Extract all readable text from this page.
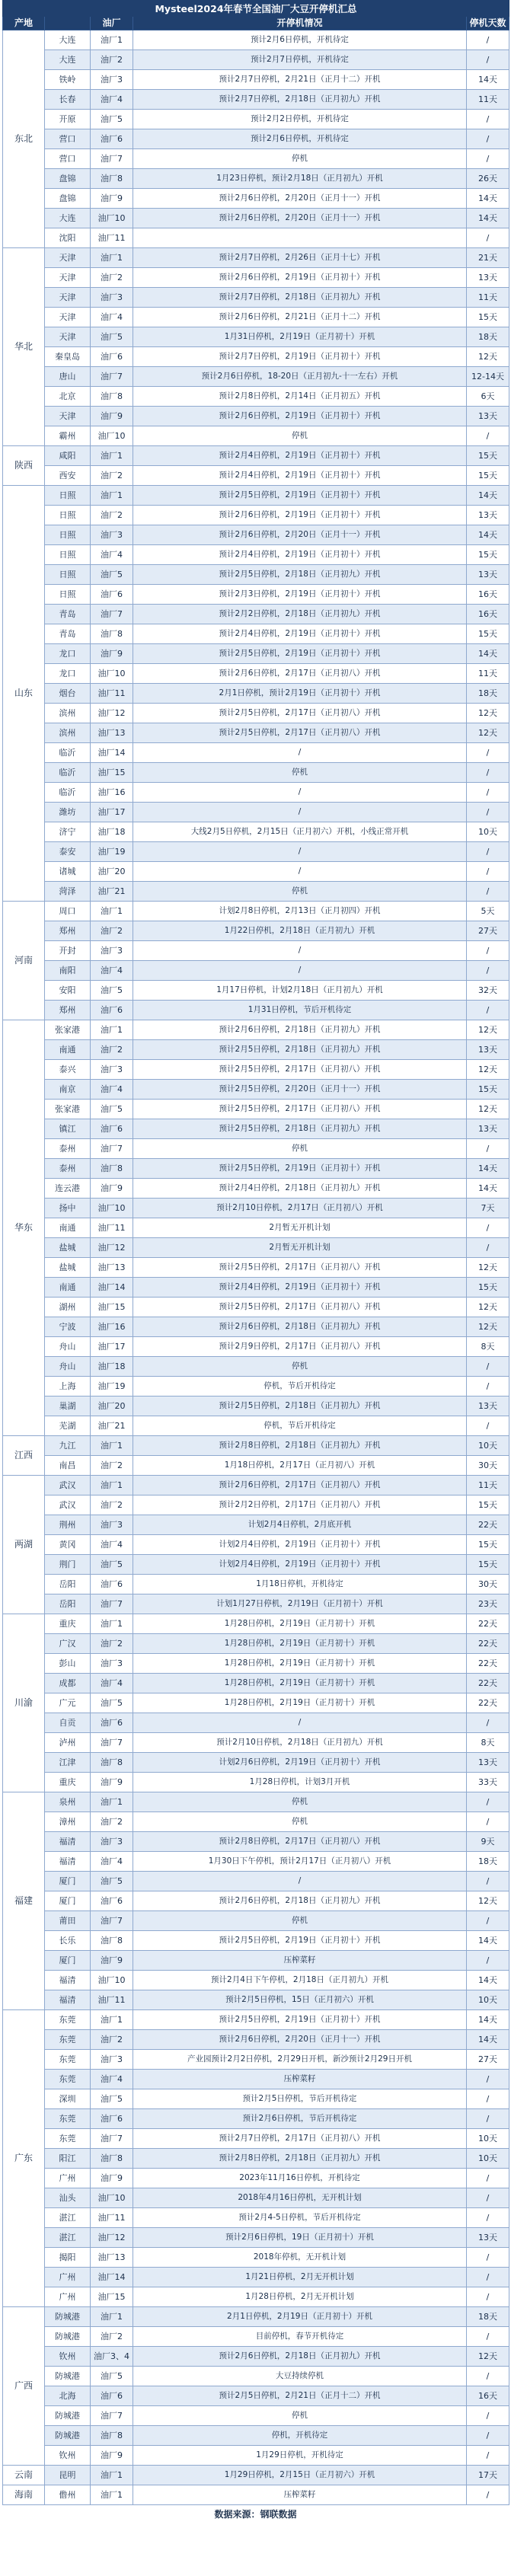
Mysteel2024年春节全国油厂大豆开停机汇总				
产地		油厂	开停机情况	停机天数
东北	大连	油厂1	预计2月6日停机，开机待定	/
	大连	油厂2	预计2月7日停机，开机待定	/
	铁岭	油厂3	预计2月7日停机，2月21日（正月十二）开机	14天
	长春	油厂4	预计2月7日停机，2月18日（正月初九）开机	11天
	开原	油厂5	预计2月2日停机，开机待定	/
	营口	油厂6	预计2月6日停机，开机待定	/
	营口	油厂7	停机	/
	盘锦	油厂8	1月23日停机，预计2月18日（正月初九）开机	26天
	盘锦	油厂9	预计2月6日停机，2月20日（正月十一）开机	14天
	大连	油厂10	预计2月6日停机，2月20日（正月十一）开机	14天
	沈阳	油厂11		/
华北	天津	油厂1	预计2月7日停机，2月26日（正月十七）开机	21天
	天津	油厂2	预计2月6日停机，2月19日（正月初十）开机	13天
	天津	油厂3	预计2月7日停机，2月18日（正月初九）开机	11天
	天津	油厂4	预计2月6日停机，2月21日（正月十二）开机	15天
	天津	油厂5	1月31日停机，2月19日（正月初十）开机	18天
	秦皇岛	油厂6	预计2月7日停机，2月19日（正月初十）开机	12天
	唐山	油厂7	预计2月6日停机，18-20日（正月初九-十一左右）开机	12-14天
	北京	油厂8	预计2月8日停机，2月14日（正月初五）开机	6天
	天津	油厂9	预计2月6日停机，2月19日（正月初十）开机	13天
	霸州	油厂10	停机	/
陕西	咸阳	油厂1	预计2月4日停机，2月19日（正月初十）开机	15天
	西安	油厂2	预计2月4日停机，2月19日（正月初十）开机	15天
山东	日照	油厂1	预计2月5日停机，2月19日（正月初十）开机	14天
	日照	油厂2	预计2月6日停机，2月19日（正月初十）开机	13天
	日照	油厂3	预计2月6日停机，2月20日（正月十一）开机	14天
	日照	油厂4	预计2月4日停机，2月19日（正月初十）开机	15天
	日照	油厂5	预计2月5日停机，2月18日（正月初九）开机	13天
	日照	油厂6	预计2月3日停机，2月19日（正月初十）开机	16天
	青岛	油厂7	预计2月2日停机，2月18日（正月初九）开机	16天
	青岛	油厂8	预计2月4日停机，2月19日（正月初十）开机	15天
	龙口	油厂9	预计2月5日停机，2月19日（正月初十）开机	14天
	龙口	油厂10	预计2月6日停机，2月17日（正月初八）开机	11天
	烟台	油厂11	2月1日停机，预计2月19日（正月初十）开机	18天
	滨州	油厂12	预计2月5日停机，2月17日（正月初八）开机	12天
	滨州	油厂13	预计2月5日停机，2月17日（正月初八）开机	12天
	临沂	油厂14	/	/
	临沂	油厂15	停机	/
	临沂	油厂16	/	/
	潍坊	油厂17	/	/
	济宁	油厂18	大线2月5日停机，2月15日（正月初六）开机，小线正常开机	10天
	泰安	油厂19	/	/
	诸城	油厂20	/	/
	菏泽	油厂21	停机	/
河南	周口	油厂1	计划2月8日停机，2月13日（正月初四）开机	5天
	郑州	油厂2	1月22日停机，2月18日（正月初九）开机	27天
	开封	油厂3	/	/
	南阳	油厂4	/	/
	安阳	油厂5	1月17日停机，计划2月18日（正月初九）开机	32天
	郑州	油厂6	1月31日停机，节后开机待定	/
华东	张家港	油厂1	预计2月6日停机，2月18日（正月初九）开机	12天
	南通	油厂2	预计2月5日停机，2月18日（正月初九）开机	13天
	泰兴	油厂3	预计2月5日停机，2月17日（正月初八）开机	12天
	南京	油厂4	预计2月5日停机，2月20日（正月十一）开机	15天
	张家港	油厂5	预计2月5日停机，2月17日（正月初八）开机	12天
	镇江	油厂6	预计2月5日停机，2月18日（正月初九）开机	13天
	泰州	油厂7	停机	/
	泰州	油厂8	预计2月5日停机，2月19日（正月初十）开机	14天
	连云港	油厂9	预计2月4日停机，2月18日（正月初九）开机	14天
	扬中	油厂10	预计2月10日停机，2月17日（正月初八）开机	7天
	南通	油厂11	2月暂无开机计划	/
	盐城	油厂12	2月暂无开机计划	/
	盐城	油厂13	预计2月5日停机，2月17日（正月初八）开机	12天
	南通	油厂14	预计2月4日停机，2月19日（正月初十）开机	15天
	湖州	油厂15	预计2月5日停机，2月17日（正月初八）开机	12天
	宁波	油厂16	预计2月6日停机，2月18日（正月初九）开机	12天
	舟山	油厂17	预计2月9日停机，2月17日（正月初八）开机	8天
	舟山	油厂18	停机	/
	上海	油厂19	停机，节后开机待定	/
	巢湖	油厂20	预计2月5日停机，2月18日（正月初九）开机	13天
	芜湖	油厂21	停机，节后开机待定	/
江西	九江	油厂1	预计2月8日停机，2月18日（正月初九）开机	10天
	南昌	油厂2	1月18日停机，2月17日（正月初八）开机	30天
两湖	武汉	油厂1	预计2月6日停机，2月17日（正月初八）开机	11天
	武汉	油厂2	预计2月2日停机，2月17日（正月初八）开机	15天
	荆州	油厂3	计划2月4日停机，2月底开机	22天
	黄冈	油厂4	计划2月4日停机，2月19日（正月初十）开机	15天
	荆门	油厂5	计划2月4日停机，2月19日（正月初十）开机	15天
	岳阳	油厂6	1月18日停机，开机待定	30天
	岳阳	油厂7	计划1月27日停机，2月19日（正月初十）开机	23天
川渝	重庆	油厂1	1月28日停机，2月19日（正月初十）开机	22天
	广汉	油厂2	1月28日停机，2月19日（正月初十）开机	22天
	彭山	油厂3	1月28日停机，2月19日（正月初十）开机	22天
	成都	油厂4	1月28日停机，2月19日（正月初十）开机	22天
	广元	油厂5	1月28日停机，2月19日（正月初十）开机	22天
	自贡	油厂6	/	/
	泸州	油厂7	预计2月10日停机，2月18日（正月初九）开机	8天
	江津	油厂8	计划2月6日停机，2月19日（正月初十）开机	13天
	重庆	油厂9	1月28日停机，计划3月开机	33天
福建	泉州	油厂1	停机	/
	漳州	油厂2	停机	/
	福清	油厂3	预计2月8日停机，2月17日（正月初八）开机	9天
	福清	油厂4	1月30日下午停机，预计2月17日（正月初八）开机	18天
	厦门	油厂5	/	/
	厦门	油厂6	预计2月6日停机，2月18日（正月初九）开机	12天
	莆田	油厂7	停机	/
	长乐	油厂8	预计2月5日停机，2月19日（正月初十）开机	14天
	厦门	油厂9	压榨菜籽	/
	福清	油厂10	预计2月4日下午停机，2月18日（正月初九）开机	14天
	福清	油厂11	预计2月5日停机，15日（正月初六）开机	10天
广东	东莞	油厂1	预计2月5日停机，2月19日（正月初十）开机	14天
	东莞	油厂2	预计2月6日停机，2月20日（正月十一）开机	14天
	东莞	油厂3	产业园预计2月2日停机，2月29日开机，新沙预计2月29日开机	27天
	东莞	油厂4	压榨菜籽	/
	深圳	油厂5	预计2月5日停机，节后开机待定	/
	东莞	油厂6	预计2月6日停机，节后开机待定	/
	东莞	油厂7	预计2月7日停机，2月17日（正月初八）开机	10天
	阳江	油厂8	预计2月8日停机，2月18日（正月初九）开机	10天
	广州	油厂9	2023年11月16日停机，开机待定	/
	汕头	油厂10	2018年4月16日停机，无开机计划	/
	湛江	油厂11	预计2月4-5日停机，节后开机待定	/
	湛江	油厂12	预计2月6日停机，19日（正月初十）开机	13天
	揭阳	油厂13	2018年停机，无开机计划	/
	广州	油厂14	1月21日停机，2月无开机计划	/
	广州	油厂15	1月28日停机，2月无开机计划	/
广西	防城港	油厂1	2月1日停机，2月19日（正月初十）开机	18天
	防城港	油厂2	目前停机，春节开机待定	/
	钦州	油厂3、4	预计2月6日停机，2月18日（正月初九）开机	12天
	防城港	油厂5	大豆持续停机	/
	北海	油厂6	预计2月5日停机，2月21日（正月十二）开机	16天
	防城港	油厂7	停机	/
	防城港	油厂8	停机，开机待定	/
	钦州	油厂9	1月29日停机，开机待定	/
云南	昆明	油厂1	1月29日停机，2月15日（正月初六）开机	17天
海南	儋州	油厂1	压榨菜籽	/
数据来源：钢联数据
